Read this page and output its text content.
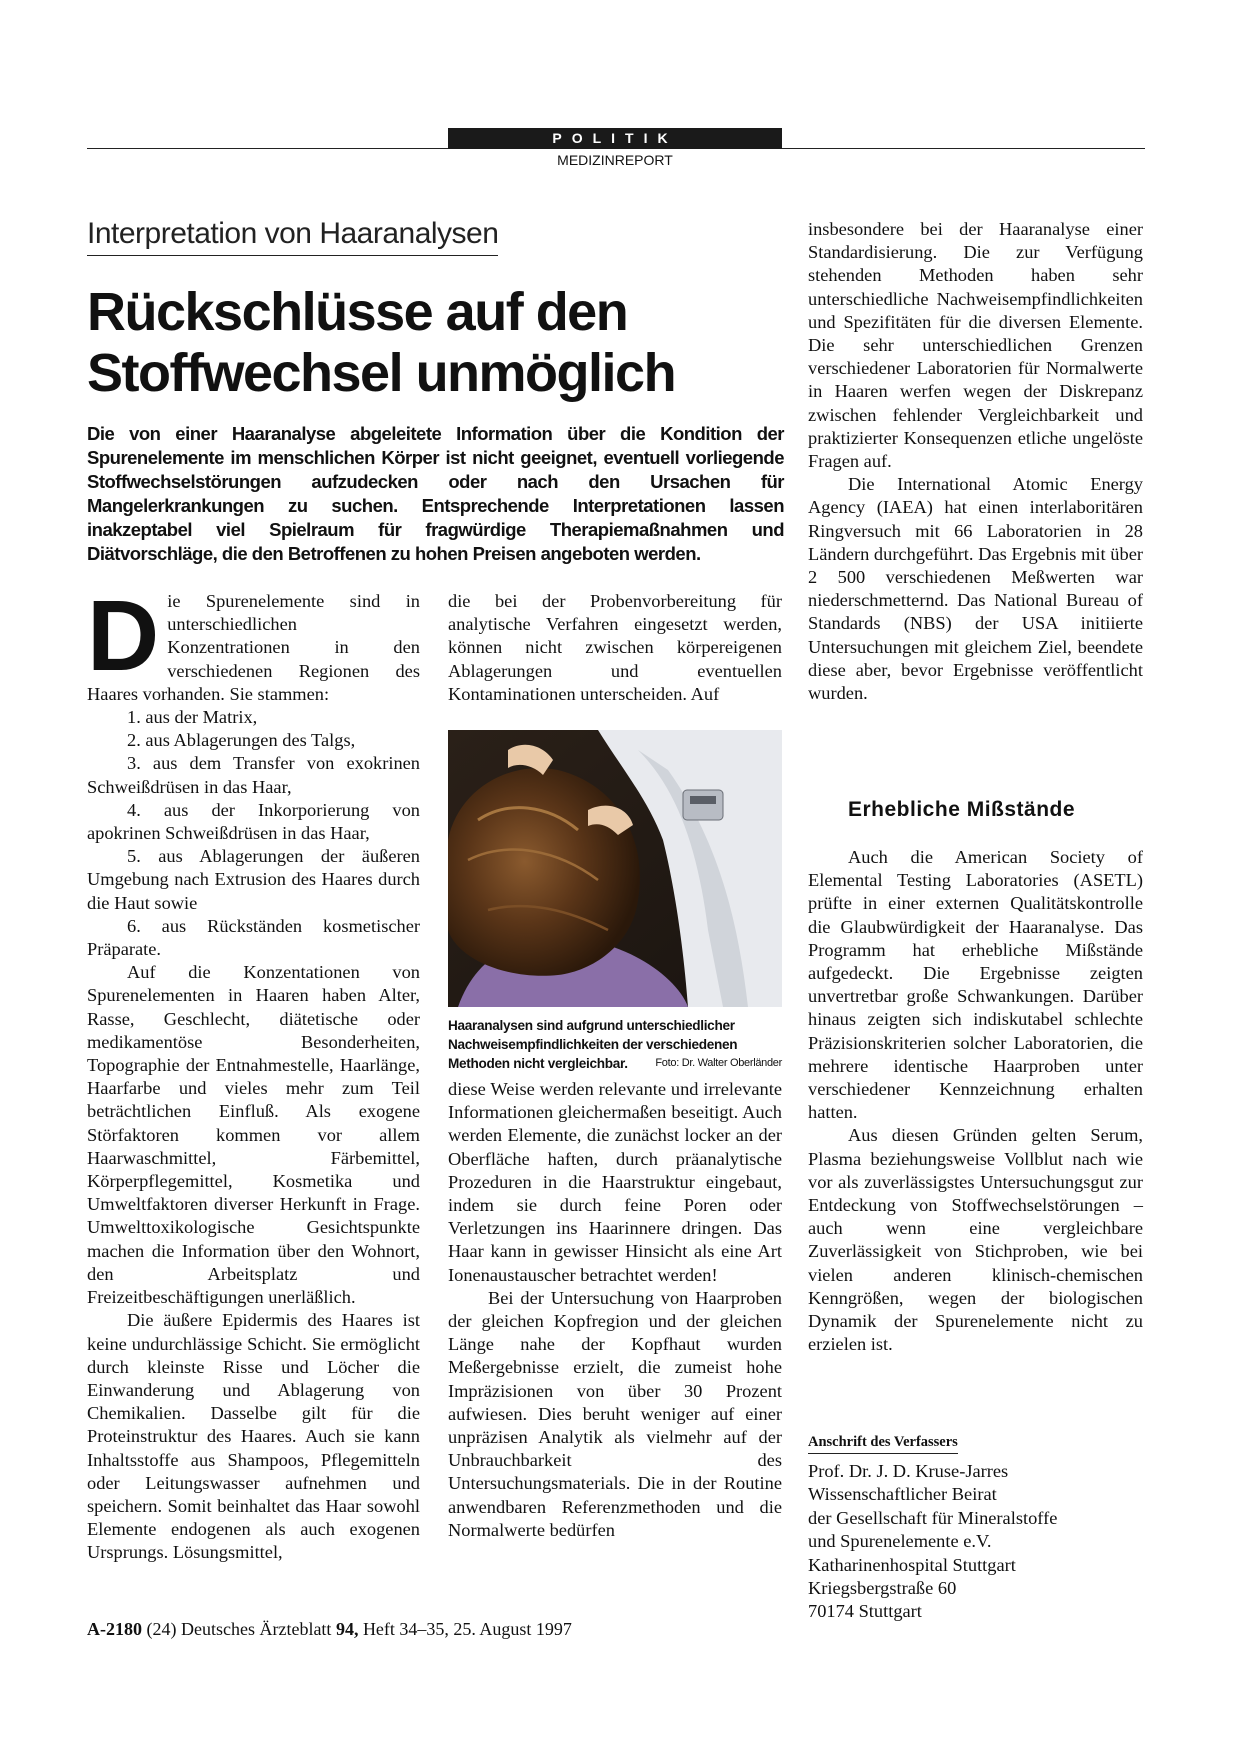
POLITIK
MEDIZINREPORT
Interpretation von Haaranalysen
Rückschlüsse auf den
Stoffwechsel unmöglich

Die von einer Haaranalyse abgeleitete Information über die Kondition der Spurenelemente im menschlichen Körper ist nicht geeignet, eventuell vorliegende Stoffwechselstörungen aufzudecken oder nach den Ursachen für Mangelerkrankungen zu suchen. Entsprechende Interpretationen lassen inakzeptabel viel Spielraum für fragwürdige Therapiemaßnahmen und Diätvorschläge, die den Betroffenen zu hohen Preisen angeboten werden.

Die Spurenelemente sind in unterschiedlichen Konzentrationen in den verschiedenen Regionen des Haares vorhanden. Sie stammen:

1. aus der Matrix,

2. aus Ablagerungen des Talgs,

3. aus dem Transfer von exokrinen Schweißdrüsen in das Haar,

4. aus der Inkorporierung von apokrinen Schweißdrüsen in das Haar,

5. aus Ablagerungen der äußeren Umgebung nach Extrusion des Haares durch die Haut sowie

6. aus Rückständen kosmetischer Präparate.

Auf die Konzentationen von Spurenelementen in Haaren haben Alter, Rasse, Geschlecht, diätetische oder medikamentöse Besonderheiten, Topographie der Entnahmestelle, Haarlänge, Haarfarbe und vieles mehr zum Teil beträchtlichen Einfluß. Als exogene Störfaktoren kommen vor allem Haarwaschmittel, Färbemittel, Körperpflegemittel, Kosmetika und Umweltfaktoren diverser Herkunft in Frage. Umwelttoxikologische Gesichtspunkte machen die Information über den Wohnort, den Arbeitsplatz und Freizeitbeschäftigungen unerläßlich.

Die äußere Epidermis des Haares ist keine undurchlässige Schicht. Sie ermöglicht durch kleinste Risse und Löcher die Einwanderung und Ablagerung von Chemikalien. Dasselbe gilt für die Proteinstruktur des Haares. Auch sie kann Inhaltsstoffe aus Shampoos, Pflegemitteln oder Leitungswasser aufnehmen und speichern. Somit beinhaltet das Haar sowohl Elemente endogenen als auch exogenen Ursprungs. Lösungsmittel,

die bei der Probenvorbereitung für analytische Verfahren eingesetzt werden, können nicht zwischen körpereigenen Ablagerungen und eventuellen Kontaminationen unterscheiden. Auf

Haaranalysen sind aufgrund unterschiedlicher Nachweisempfindlichkeiten der verschiedenen Methoden nicht vergleichbar.	Foto: Dr. Walter Oberländer

diese Weise werden relevante und irrelevante Informationen gleichermaßen beseitigt. Auch werden Elemente, die zunächst locker an der Oberfläche haften, durch präanalytische Prozeduren in die Haarstruktur eingebaut, indem sie durch feine Poren oder Verletzungen ins Haarinnere dringen. Das Haar kann in gewisser Hinsicht als eine Art Ionenaustauscher betrachtet werden!

Bei der Untersuchung von Haarproben der gleichen Kopfregion und der gleichen Länge nahe der Kopfhaut wurden Meßergebnisse erzielt, die zumeist hohe Impräzisionen von über 30 Prozent aufwiesen. Dies beruht weniger auf einer unpräzisen Analytik als vielmehr auf der Unbrauchbarkeit des Untersuchungsmaterials. Die in der Routine anwendbaren Referenzmethoden und die Normalwerte bedürfen

insbesondere bei der Haaranalyse einer Standardisierung. Die zur Verfügung stehenden Methoden haben sehr unterschiedliche Nachweisempfindlichkeiten und Spezifitäten für die diversen Elemente. Die sehr unterschiedlichen Grenzen verschiedener Laboratorien für Normalwerte in Haaren werfen wegen der Diskrepanz zwischen fehlender Vergleichbarkeit und praktizierter Konsequenzen etliche ungelöste Fragen auf.

Die International Atomic Energy Agency (IAEA) hat einen interlaboritären Ringversuch mit 66 Laboratorien in 28 Ländern durchgeführt. Das Ergebnis mit über 2 500 verschiedenen Meßwerten war niederschmetternd. Das National Bureau of Standards (NBS) der USA initiierte Untersuchungen mit gleichem Ziel, beendete diese aber, bevor Ergebnisse veröffentlicht wurden.

Erhebliche Mißstände

Auch die American Society of Elemental Testing Laboratories (ASETL) prüfte in einer externen Qualitätskontrolle die Glaubwürdigkeit der Haaranalyse. Das Programm hat erhebliche Mißstände aufgedeckt. Die Ergebnisse zeigten unvertretbar große Schwankungen. Darüber hinaus zeigten sich indiskutabel schlechte Präzisionskriterien solcher Laboratorien, die mehrere identische Haarproben unter verschiedener Kennzeichnung erhalten hatten.

Aus diesen Gründen gelten Serum, Plasma beziehungsweise Vollblut nach wie vor als zuverlässigstes Untersuchungsgut zur Entdeckung von Stoffwechselstörungen – auch wenn eine vergleichbare Zuverlässigkeit von Stichproben, wie bei vielen anderen klinisch-chemischen Kenngrößen, wegen der biologischen Dynamik der Spurenelemente nicht zu erzielen ist.

Anschrift des Verfassers
Prof. Dr. J. D. Kruse-Jarres
Wissenschaftlicher Beirat
der Gesellschaft für Mineralstoffe
und Spurenelemente e.V.
Katharinenhospital Stuttgart
Kriegsbergstraße 60
70174 Stuttgart
A-2180 (24) Deutsches Ärzteblatt 94, Heft 34–35, 25. August 1997
